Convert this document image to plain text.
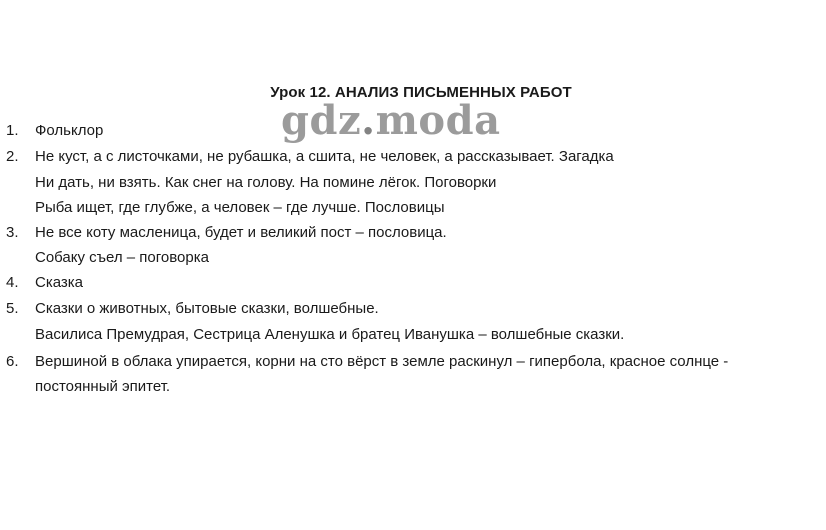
Урок 12. АНАЛИЗ ПИСЬМЕННЫХ РАБОТ
gdz.moda
1.	Фольклор
2.	Не куст, а с листочками, не рубашка, а сшита, не человек, а рассказывает. Загадка
Ни дать, ни взять. Как снег на голову. На помине лёгок. Поговорки
Рыба ищет, где глубже, а человек – где лучше. Пословицы
3.	Не все коту масленица, будет и великий пост – пословица.
Собаку съел – поговорка
4.	Сказка
5.	Сказки о животных, бытовые сказки, волшебные.
Василиса Премудрая, Сестрица Аленушка и братец Иванушка – волшебные сказки.
6.	Вершиной в облака упирается, корни на сто вёрст в земле раскинул – гипербола, красное солнце -
постоянный эпитет.
